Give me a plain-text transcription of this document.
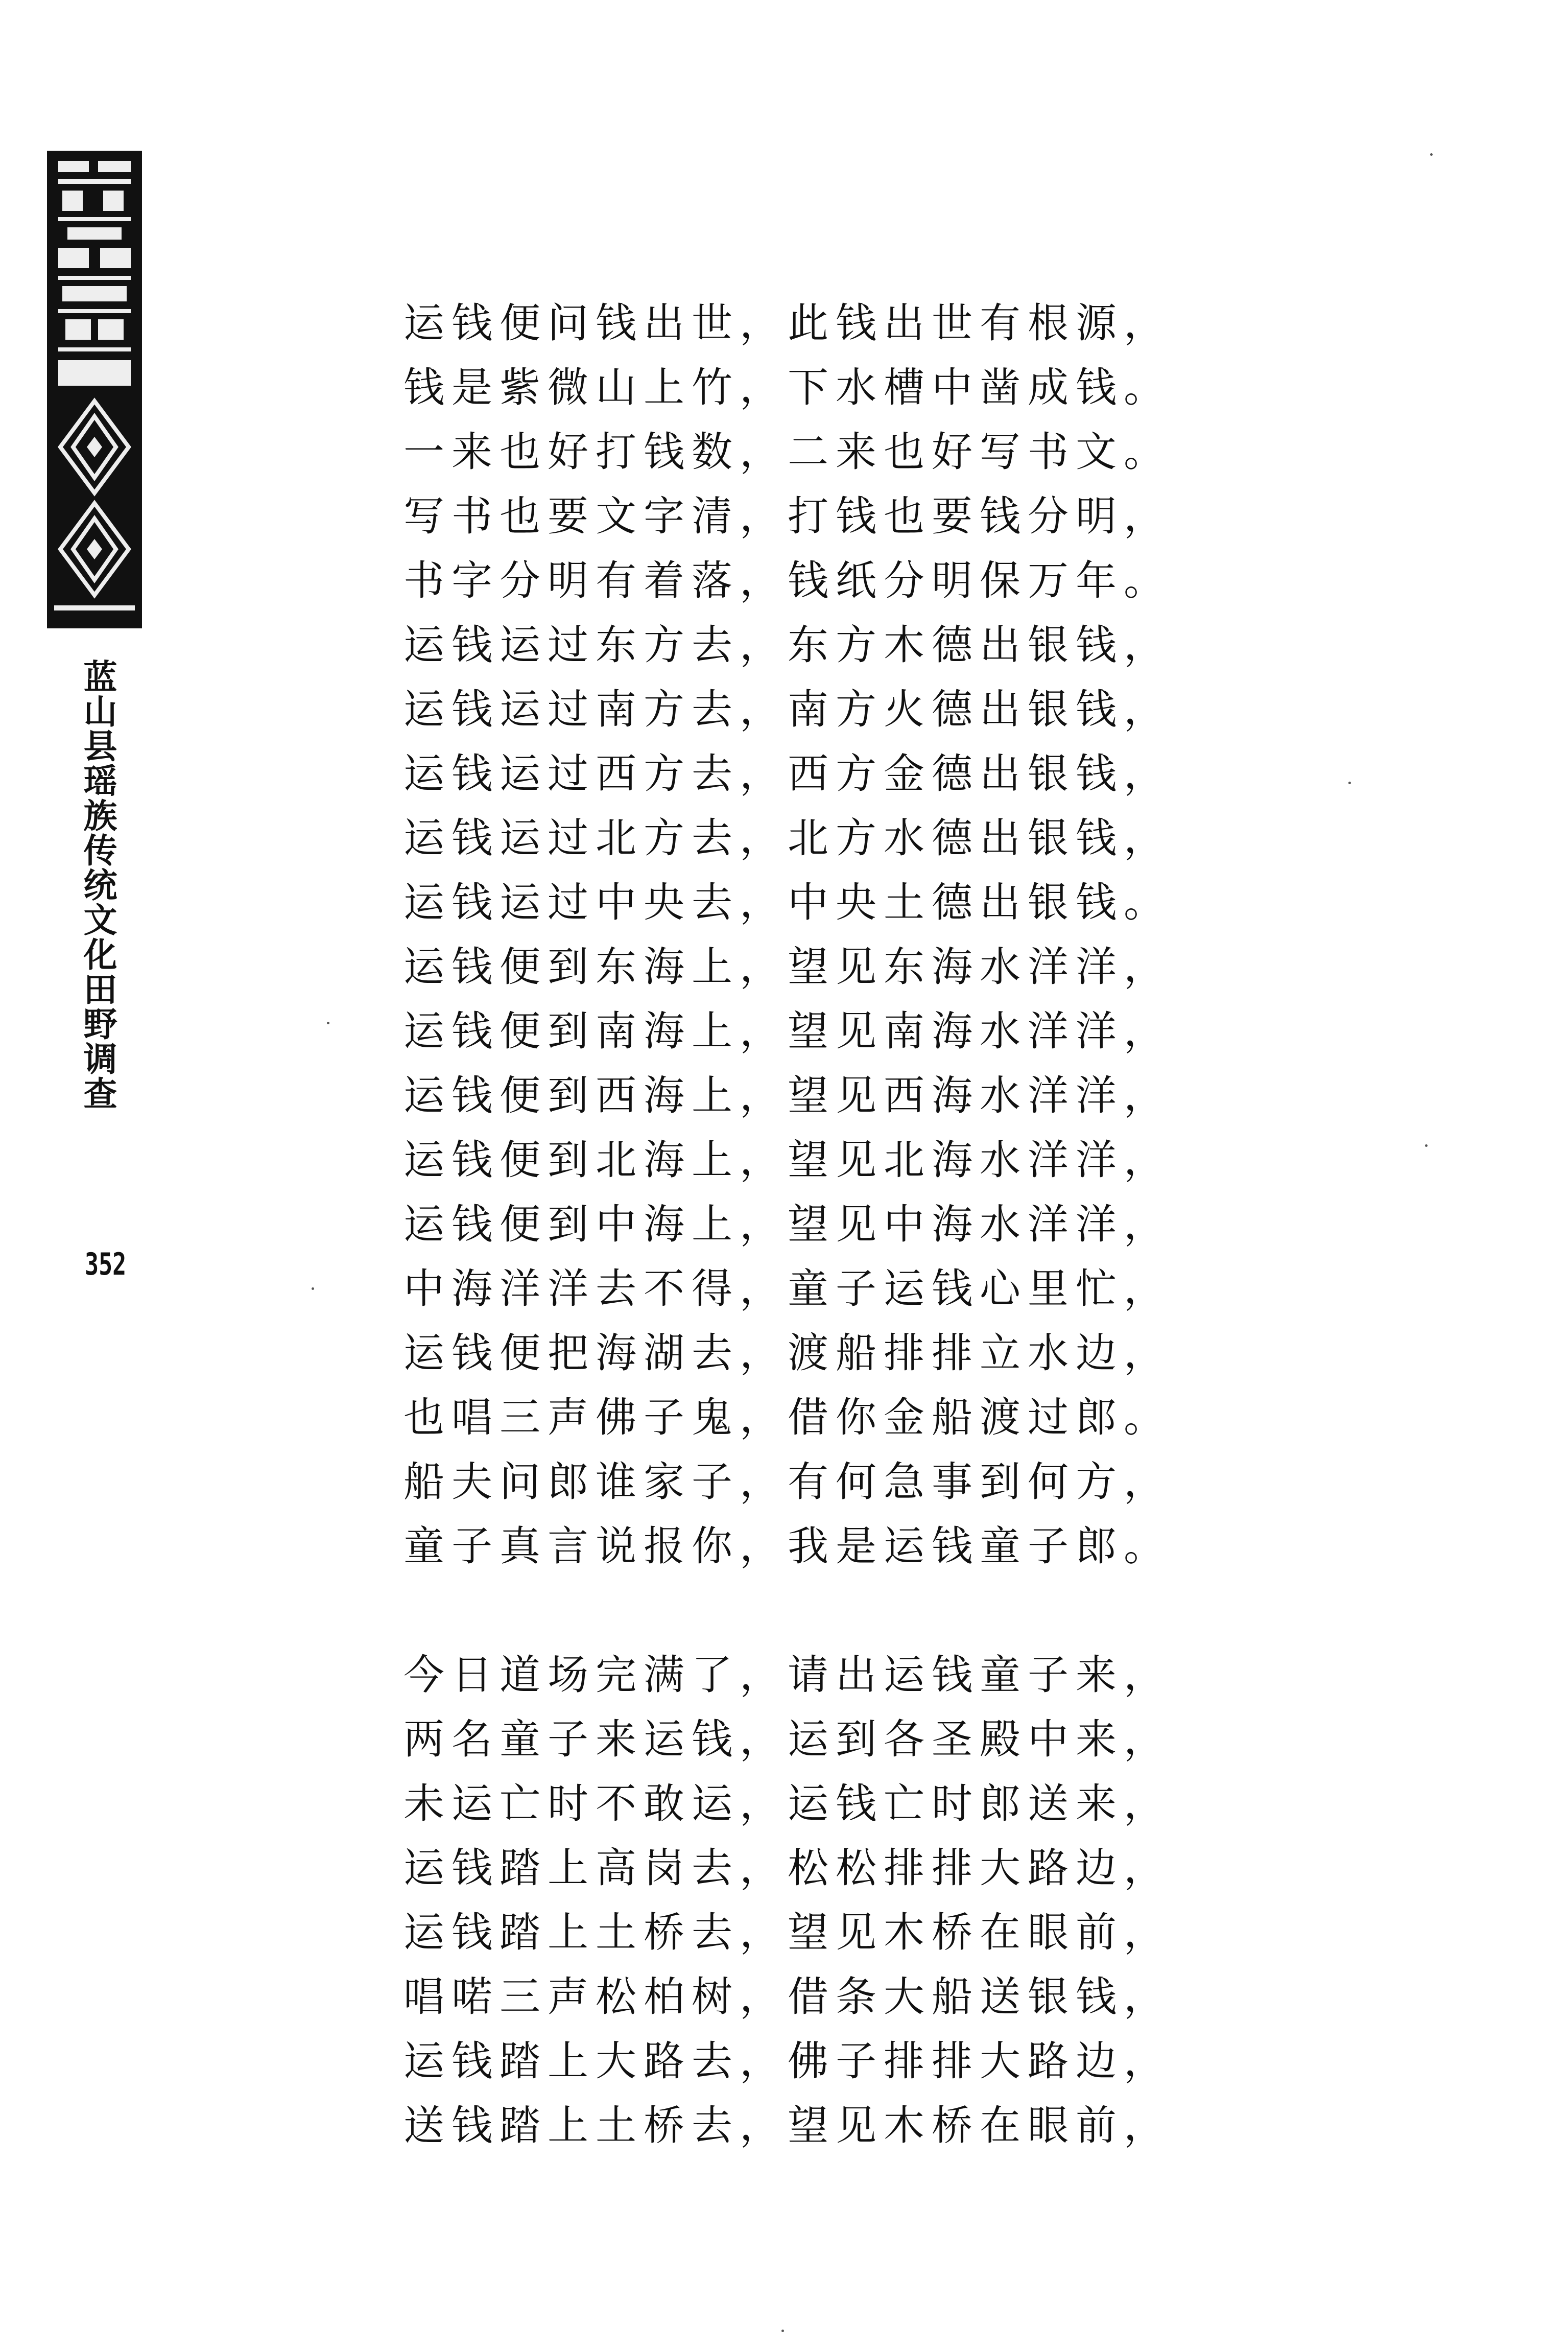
蓝山县瑶族传统文化田野调查
352
运钱便问钱出世，此钱出世有根源，
钱是紫微山上竹，下水槽中凿成钱。
一来也好打钱数，二来也好写书文。
写书也要文字清，打钱也要钱分明，
书字分明有着落，钱纸分明保万年。
运钱运过东方去，东方木德出银钱，
运钱运过南方去，南方火德出银钱，
运钱运过西方去，西方金德出银钱，
运钱运过北方去，北方水德出银钱，
运钱运过中央去，中央土德出银钱。
运钱便到东海上，望见东海水洋洋，
运钱便到南海上，望见南海水洋洋，
运钱便到西海上，望见西海水洋洋，
运钱便到北海上，望见北海水洋洋，
运钱便到中海上，望见中海水洋洋，
中海洋洋去不得，童子运钱心里忙，
运钱便把海湖去，渡船排排立水边，
也唱三声佛子鬼，借你金船渡过郎。
船夫问郎谁家子，有何急事到何方，
童子真言说报你，我是运钱童子郎。
今日道场完满了，请出运钱童子来，
两名童子来运钱，运到各圣殿中来，
未运亡时不敢运，运钱亡时郎送来，
运钱踏上高岗去，松松排排大路边，
运钱踏上土桥去，望见木桥在眼前，
唱喏三声松柏树，借条大船送银钱，
运钱踏上大路去，佛子排排大路边，
送钱踏上土桥去，望见木桥在眼前，
